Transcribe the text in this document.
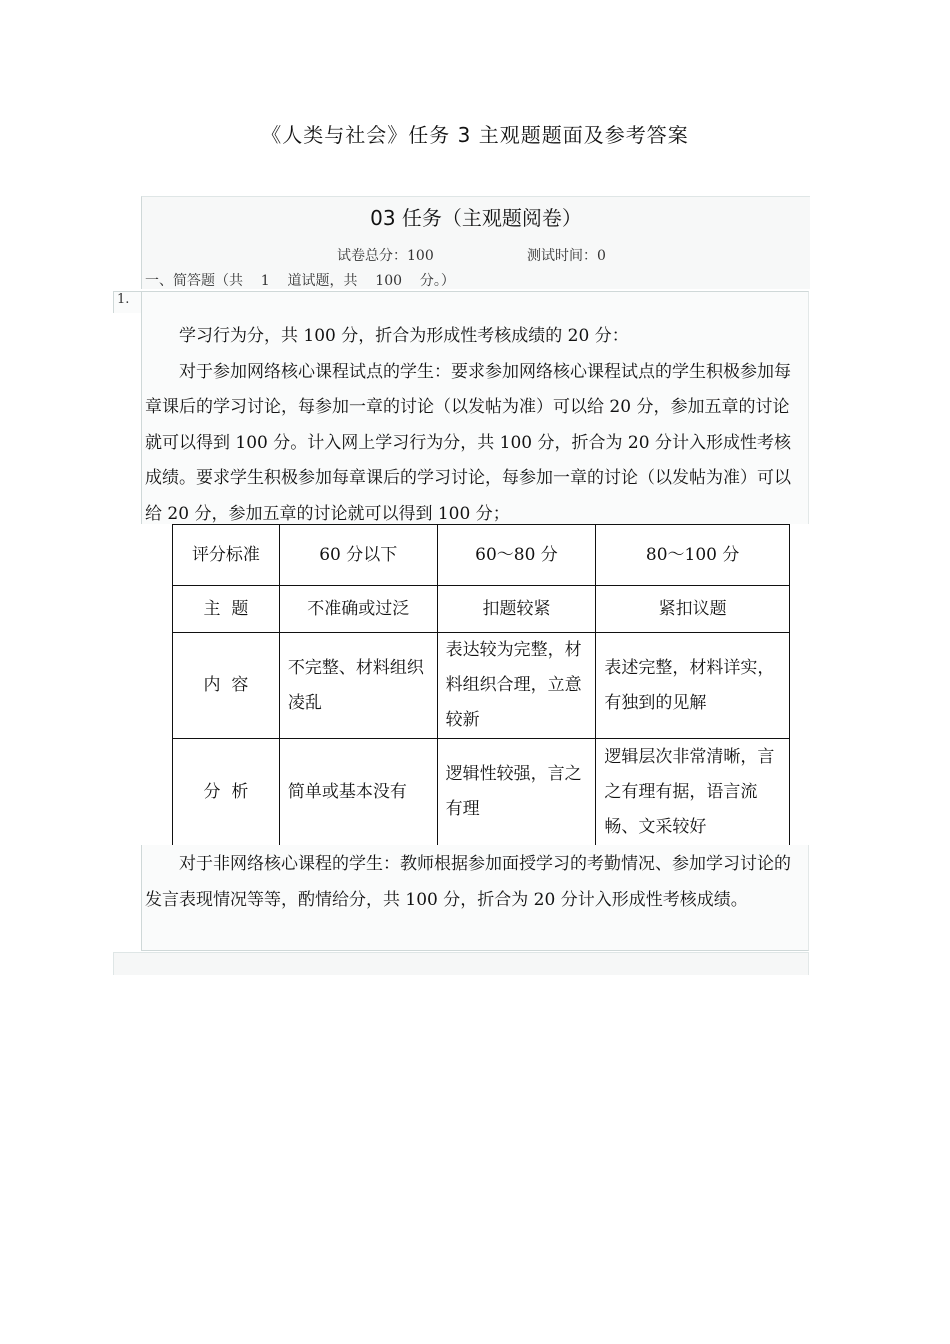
《人类与社会》任务 3 主观题题面及参考答案
03 任务（主观题阅卷）
试卷总分：100	测试时间：0
一、简答题（共    1    道试题，共    100    分。）
1.

学习行为分，共 100 分，折合为形成性考核成绩的 20 分：

对于参加网络核心课程试点的学生：要求参加网络核心课程试点的学生积极参加每章课后的学习讨论，每参加一章的讨论（以发帖为准）可以给 20 分，参加五章的讨论就可以得到 100 分。计入网上学习行为分，共 100 分，折合为 20 分计入形成性考核成绩。要求学生积极参加每章课后的学习讨论，每参加一章的讨论（以发帖为准）可以给 20 分，参加五章的讨论就可以得到 100 分；

评分标准	60 分以下	60～80 分	80～100 分
主  题	不准确或过泛	扣题较紧	紧扣议题
内  容	不完整、材料组织凌乱	表达较为完整，材料组织合理，立意较新	表述完整，材料详实，有独到的见解
分  析	简单或基本没有	逻辑性较强，言之有理	逻辑层次非常清晰，言之有理有据，语言流畅、文采较好

对于非网络核心课程的学生：教师根据参加面授学习的考勤情况、参加学习讨论的发言表现情况等等，酌情给分，共 100 分，折合为 20 分计入形成性考核成绩。
